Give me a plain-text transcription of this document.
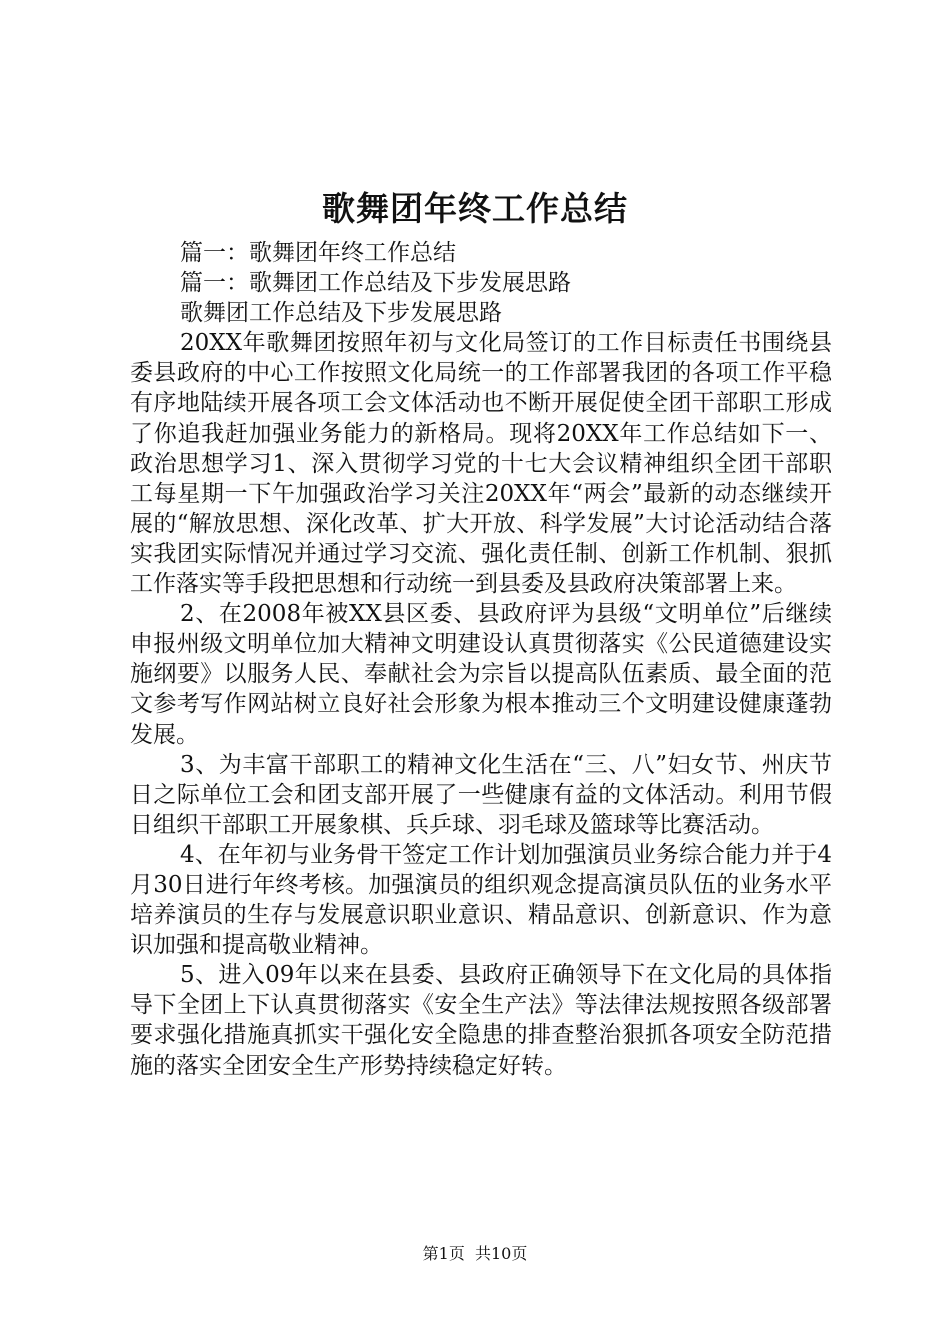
歌舞团年终工作总结

篇一：歌舞团年终工作总结

篇一：歌舞团工作总结及下步发展思路

歌舞团工作总结及下步发展思路

20XX年歌舞团按照年初与文化局签订的工作目标责任书围绕县委县政府的中心工作按照文化局统一的工作部署我团的各项工作平稳有序地陆续开展各项工会文体活动也不断开展促使全团干部职工形成了你追我赶加强业务能力的新格局。现将20XX年工作总结如下一、政治思想学习1、深入贯彻学习党的十七大会议精神组织全团干部职工每星期一下午加强政治学习关注20XX年“两会”最新的动态继续开展的“解放思想、深化改革、扩大开放、科学发展”大讨论活动结合落实我团实际情况并通过学习交流、强化责任制、创新工作机制、狠抓工作落实等手段把思想和行动统一到县委及县政府决策部署上来。

2、在2008年被XX县区委、县政府评为县级“文明单位”后继续申报州级文明单位加大精神文明建设认真贯彻落实《公民道德建设实施纲要》以服务人民、奉献社会为宗旨以提高队伍素质、最全面的范文参考写作网站树立良好社会形象为根本推动三个文明建设健康蓬勃发展。

3、为丰富干部职工的精神文化生活在“三、八”妇女节、州庆节日之际单位工会和团支部开展了一些健康有益的文体活动。利用节假日组织干部职工开展象棋、兵乒球、羽毛球及篮球等比赛活动。

4、在年初与业务骨干签定工作计划加强演员业务综合能力并于4月30日进行年终考核。加强演员的组织观念提高演员队伍的业务水平培养演员的生存与发展意识职业意识、精品意识、创新意识、作为意识加强和提高敬业精神。

5、进入09年以来在县委、县政府正确领导下在文化局的具体指导下全团上下认真贯彻落实《安全生产法》等法律法规按照各级部署要求强化措施真抓实干强化安全隐患的排查整治狠抓各项安全防范措施的落实全团安全生产形势持续稳定好转。

第1页  共10页
